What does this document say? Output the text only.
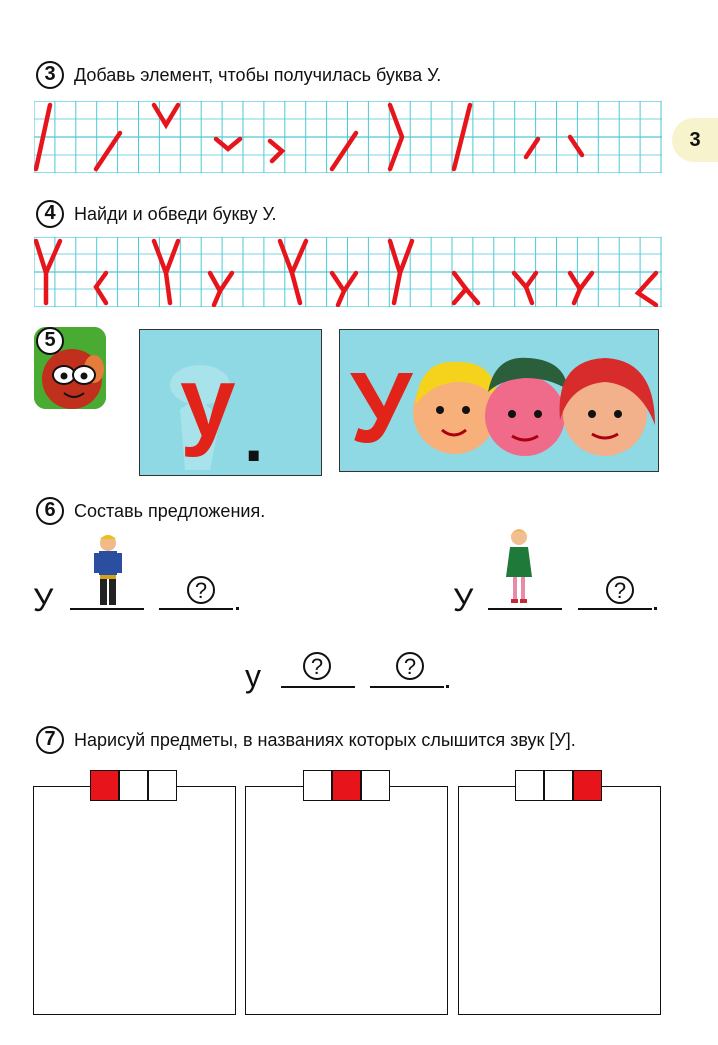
3
3	Добавь элемент, чтобы получилась буква У.
4	Найди и обведи букву У.
5
у . У
6	Составь предложения.
У	?	У	?
у	?	?
7	Нарисуй предметы, в названиях которых слышится звук [У].
